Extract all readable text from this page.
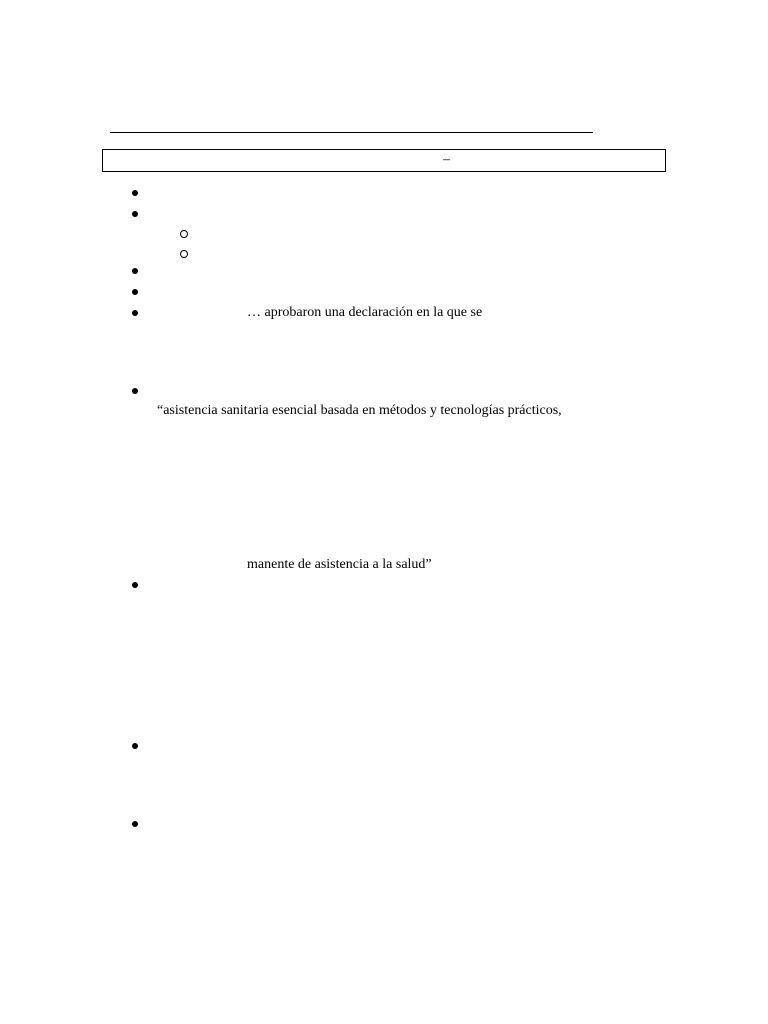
–
… aprobaron una declaración en la que se
“asistencia sanitaria esencial basada en métodos y tecnologías prácticos,
manente de asistencia a la salud”
